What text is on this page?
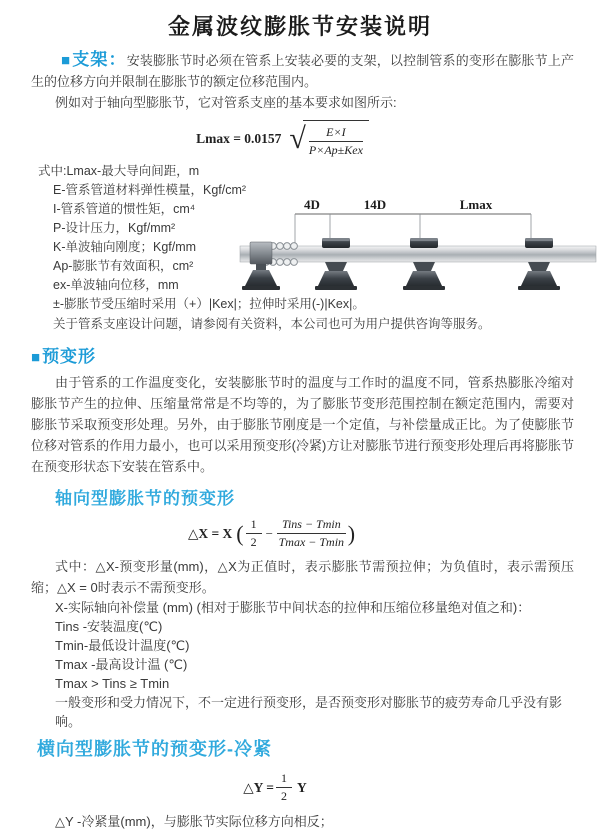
金属波纹膨胀节安装说明

■支架：安装膨胀节时必须在管系上安装必要的支架，以控制管系的变形在膨胀节上产生的位移方向并限制在膨胀节的额定位移范围内。

例如对于轴向型膨胀节，它对管系支座的基本要求如图所示:

Lmax = 0.0157 √ $\frac{E\times I}{\text{P×Ap±Kex}}$
式中:Lmax-最大导向间距，m
E-管系管道材料弹性模量，Kgf/cm²
I-管系管道的惯性矩，cm⁴
P-设计压力，Kgf/mm²
K-单波轴向刚度；Kgf/mm
Ap-膨胀节有效面积，cm²
ex-单波轴向位移，mm
±-膨胀节受压缩时采用（+）|Kex|；拉伸时采用(-)|Kex|。

关于管系支座设计问题，请参阅有关资料，本公司也可为用户提供咨询等服务。

■预变形

由于管系的工作温度变化，安装膨胀节时的温度与工作时的温度不同，管系热膨胀冷缩对膨胀节产生的拉伸、压缩量常常是不均等的，为了膨胀节变形范围控制在额定范围内，需要对膨胀节采取预变形处理。另外，由于膨胀节刚度是一个定值，与补偿量成正比。为了使膨胀节位移对管系的作用力最小，也可以采用预变形(冷紧)方让对膨胀节进行预变形处理后再将膨胀节在预变形状态下安装在管系中。

轴向型膨胀节的预变形
△X = X ( $\frac{1}{2} - \frac{\text{Tins − Tmin}}{Tmax - Tmin}$ )

式中：△X-预变形量(mm)，△X为正值时，表示膨胀节需预拉伸；为负值时，表示需预压缩；△X = 0时表示不需预变形。

X-实际轴向补偿量 (mm) (相对于膨胀节中间状态的拉伸和压缩位移量绝对值之和)：

Tins -安装温度(℃)

Tmin-最低设计温度(℃)

Tmax -最高设计温 (℃)

Tmax > Tins ≥ Tmin

一般变形和受力情况下，不一定进行预变形，是否预变形对膨胀节的疲劳寿命几乎没有影响。

横向型膨胀节的预变形-冷紧
△Y = $\frac{1}{2}$ Y

△Y -冷紧量(mm)，与膨胀节实际位移方向相反；

4D	14D	Lmax
